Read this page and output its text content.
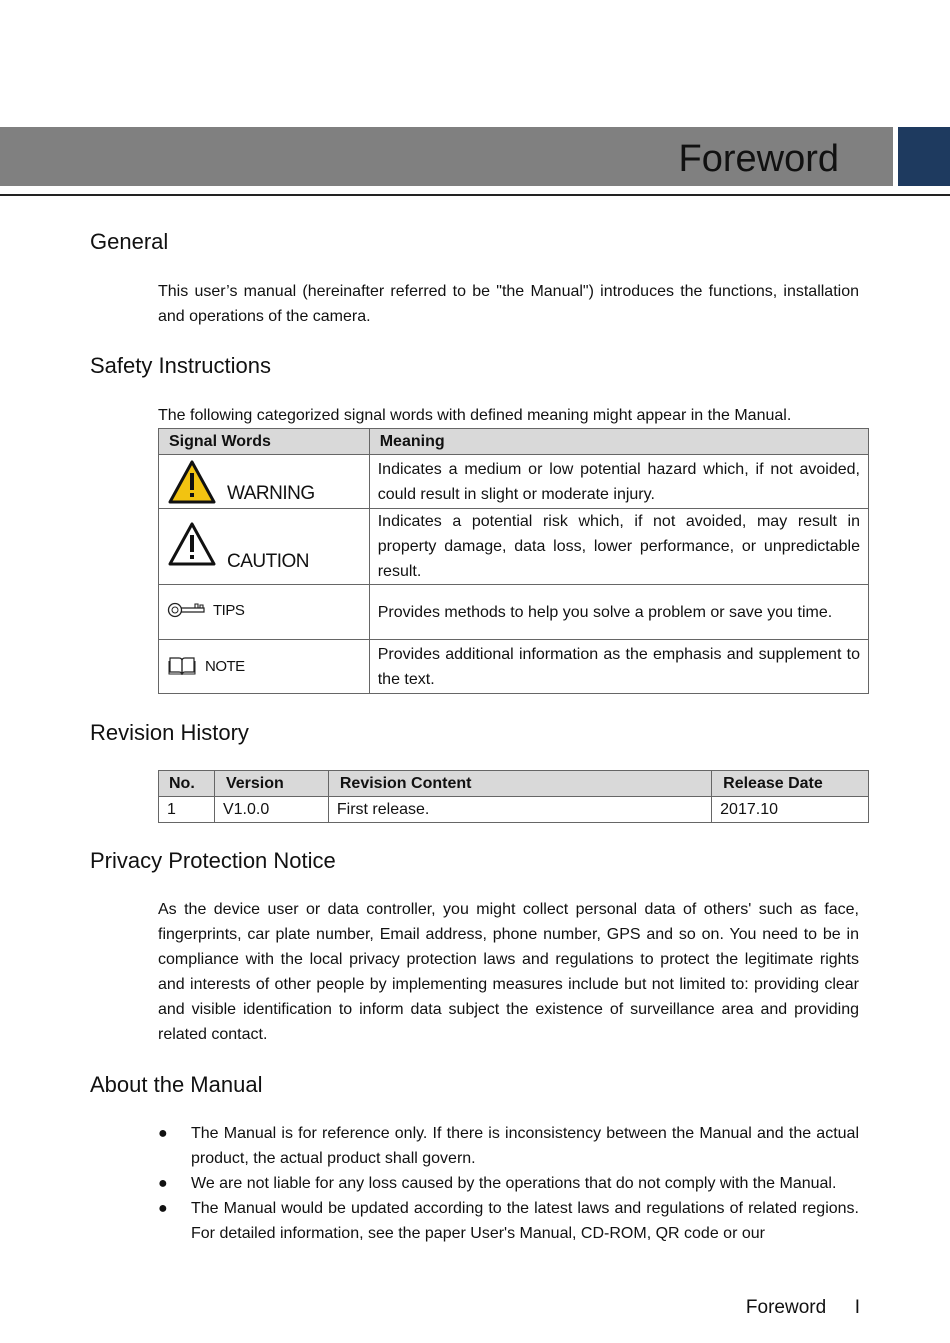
Foreword
General

This user’s manual (hereinafter referred to be "the Manual") introduces the functions, installation and operations of the camera.

Safety Instructions

The following categorized signal words with defined meaning might appear in the Manual.

Signal Words	Meaning

WARNING	Indicates a medium or low potential hazard which, if not avoided, could result in slight or moderate injury.

CAUTION	Indicates a potential risk which, if not avoided, may result in property damage, data loss, lower performance, or unpredictable result.

TIPS	Provides methods to help you solve a problem or save you time.

NOTE	Provides additional information as the emphasis and supplement to the text.
Revision History
No.	Version	Revision Content	Release Date
1	V1.0.0	First release.	2017.10
Privacy Protection Notice

As the device user or data controller, you might collect personal data of others' such as face, fingerprints, car plate number, Email address, phone number, GPS and so on. You need to be in compliance with the local privacy protection laws and regulations to protect the legitimate rights and interests of other people by implementing measures include but not limited to: providing clear and visible identification to inform data subject the existence of surveillance area and providing related contact.

About the Manual
● The Manual is for reference only. If there is inconsistency between the Manual and the actual product, the actual product shall govern.
● We are not liable for any loss caused by the operations that do not comply with the Manual.
● The Manual would be updated according to the latest laws and regulations of related regions. For detailed information, see the paper User's Manual, CD-ROM, QR code or our
Foreword I
